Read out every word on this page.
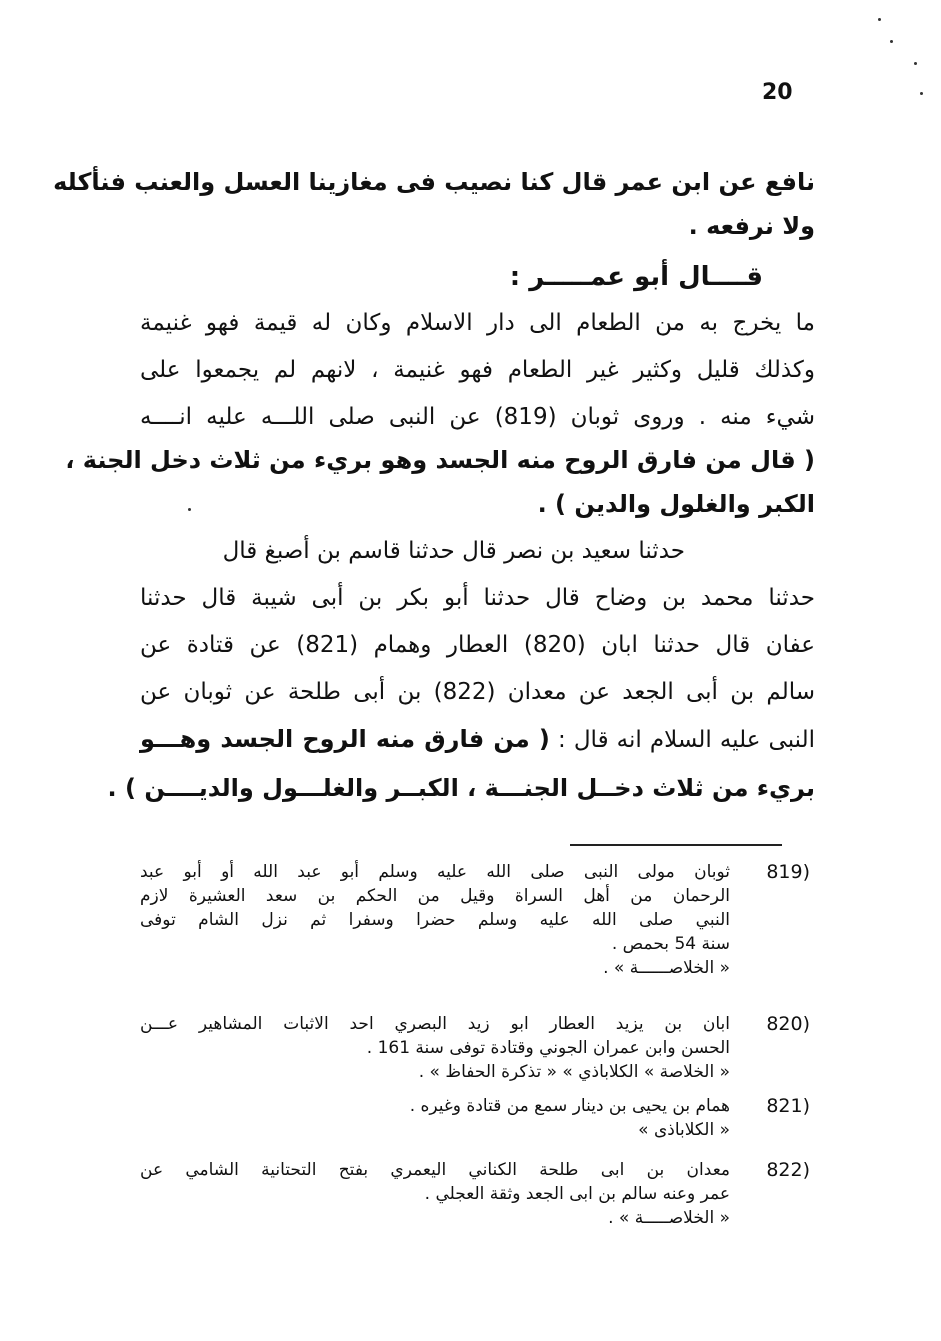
20
نافع عن ابن عمر قال كنا نصيب فى مغازينا العسل والعنب فنأكله
ولا نرفعه .
قــــال أبو عمـــــر :
ما يخرج به من الطعام الى دار الاسلام وكان له قيمة فهو غنيمة
وكذلك قليل وكثير غير الطعام فهو غنيمة ، لانهم لم يجمعوا على
شيء منه . وروى ثوبان (819) عن النبى صلى اللـــه عليه انــــه
( قال من فارق الروح منه الجسد وهو بريء من ثلاث دخل الجنة ،
الكبر والغلول والدين ) .
حدثنا سعيد بن نصر قال حدثنا قاسم بن أصبغ قال
حدثنا محمد بن وضاح قال حدثنا أبو بكر بن أبى شيبة قال حدثنا
عفان قال حدثنا ابان (820) العطار وهمام (821) عن قتادة عن
سالم بن أبى الجعد عن معدان (822) بن أبى طلحة عن ثوبان عن
النبى عليه السلام انه قال : ( من فارق منه الروح الجسد وهـــو
بريء من ثلاث دخــل الجنـــة ، الكبــر والغلـــول والديــــن ) .
819)
ثوبان مولى النبى صلى الله عليه وسلم أبو عبد الله أو أبو عبد
الرحمان من أهل السراة وقيل من الحكم بن سعد العشيرة لازم
النبي صلى الله عليه وسلم حضرا وسفرا ثم نزل الشام توفى
سنة 54 بحمص .
« الخلاصــــــة » .
820)
ابان بن يزيد العطار ابو زيد البصري احد الاثبات المشاهير عـــن
الحسن وابن عمران الجوني وقتادة توفى سنة 161 .
« الخلاصة » الكلاباذي » « تذكرة الحفاظ » .
821)
همام بن يحيى بن دينار سمع من قتادة وغيره .
« الكلاباذى »
822)
معدان بن ابى طلحة الكناني اليعمري بفتح التحتانية الشامي عن
عمر وعنه سالم بن ابى الجعد وثقة العجلي .
« الخلاصـــــة » .
